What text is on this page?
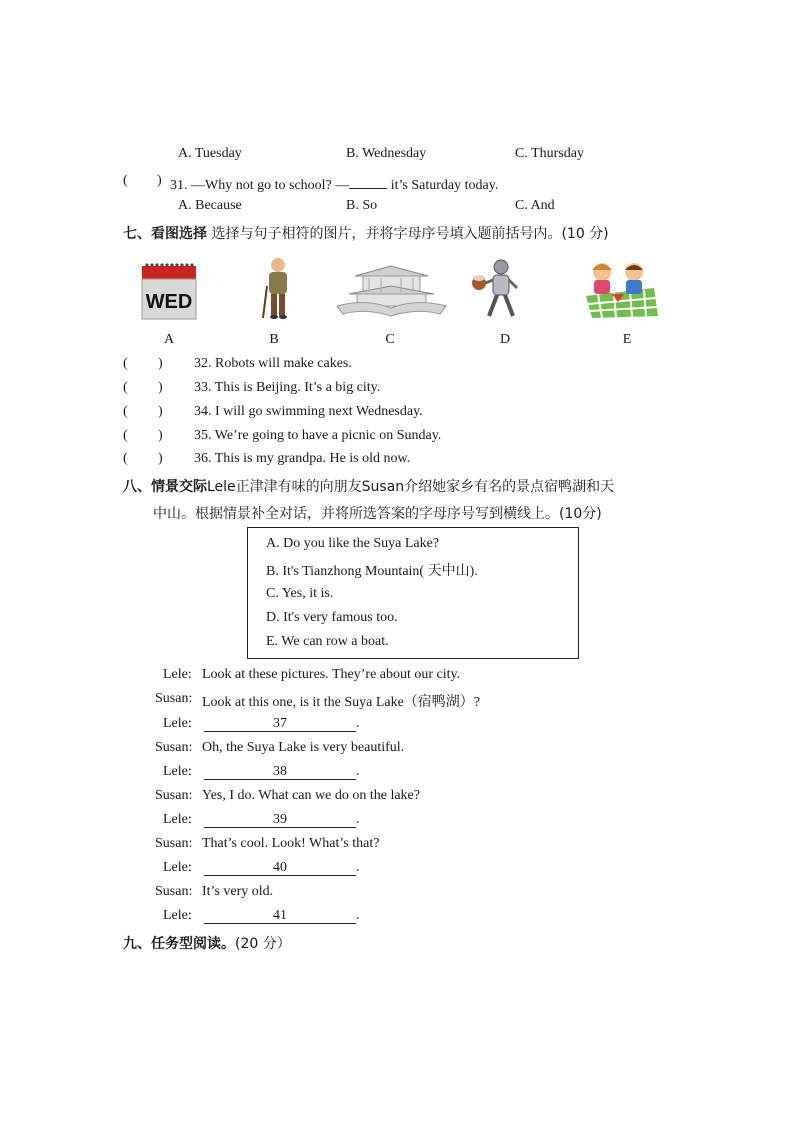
A. Tuesday	B. Wednesday	C. Thursday
( ) 31. —Why not go to school? —	it’s Saturday today.
A. Because	B. So	C. And
七、看图选择 选择与句子相符的图片，并将字母序号填入题前括号内。(10 分)
WED
A	B	C	D	E
( ) 32. Robots will make cakes.
( ) 33. This is Beijing. It’s a big city.
( ) 34. I will go swimming next Wednesday.
( ) 35. We’re going to have a picnic on Sunday.
( ) 36. This is my grandpa. He is old now.
八、情景交际Lele正津津有味的向朋友Susan介绍她家乡有名的景点宿鸭湖和天
中山。根据情景补全对话，并将所选答案的字母序号写到横线上。(10分)
A. Do you like the Suya Lake?
B. It's Tianzhong Mountain( 天中山).
C. Yes, it is.
D. It's very famous too.
E. We can row a boat.
Lele: Look at these pictures. They’re about our city.
Susan: Look at this one, is it the Suya Lake（宿鸭湖）?
Lele:	37	.
Susan: Oh, the Suya Lake is very beautiful.
Lele:	38	.
Susan: Yes, I do. What can we do on the lake?
Lele:	39	.
Susan: That’s cool. Look! What’s that?
Lele:	40	.
Susan: It’s very old.
Lele:	41	.
九、任务型阅读。(20 分）
